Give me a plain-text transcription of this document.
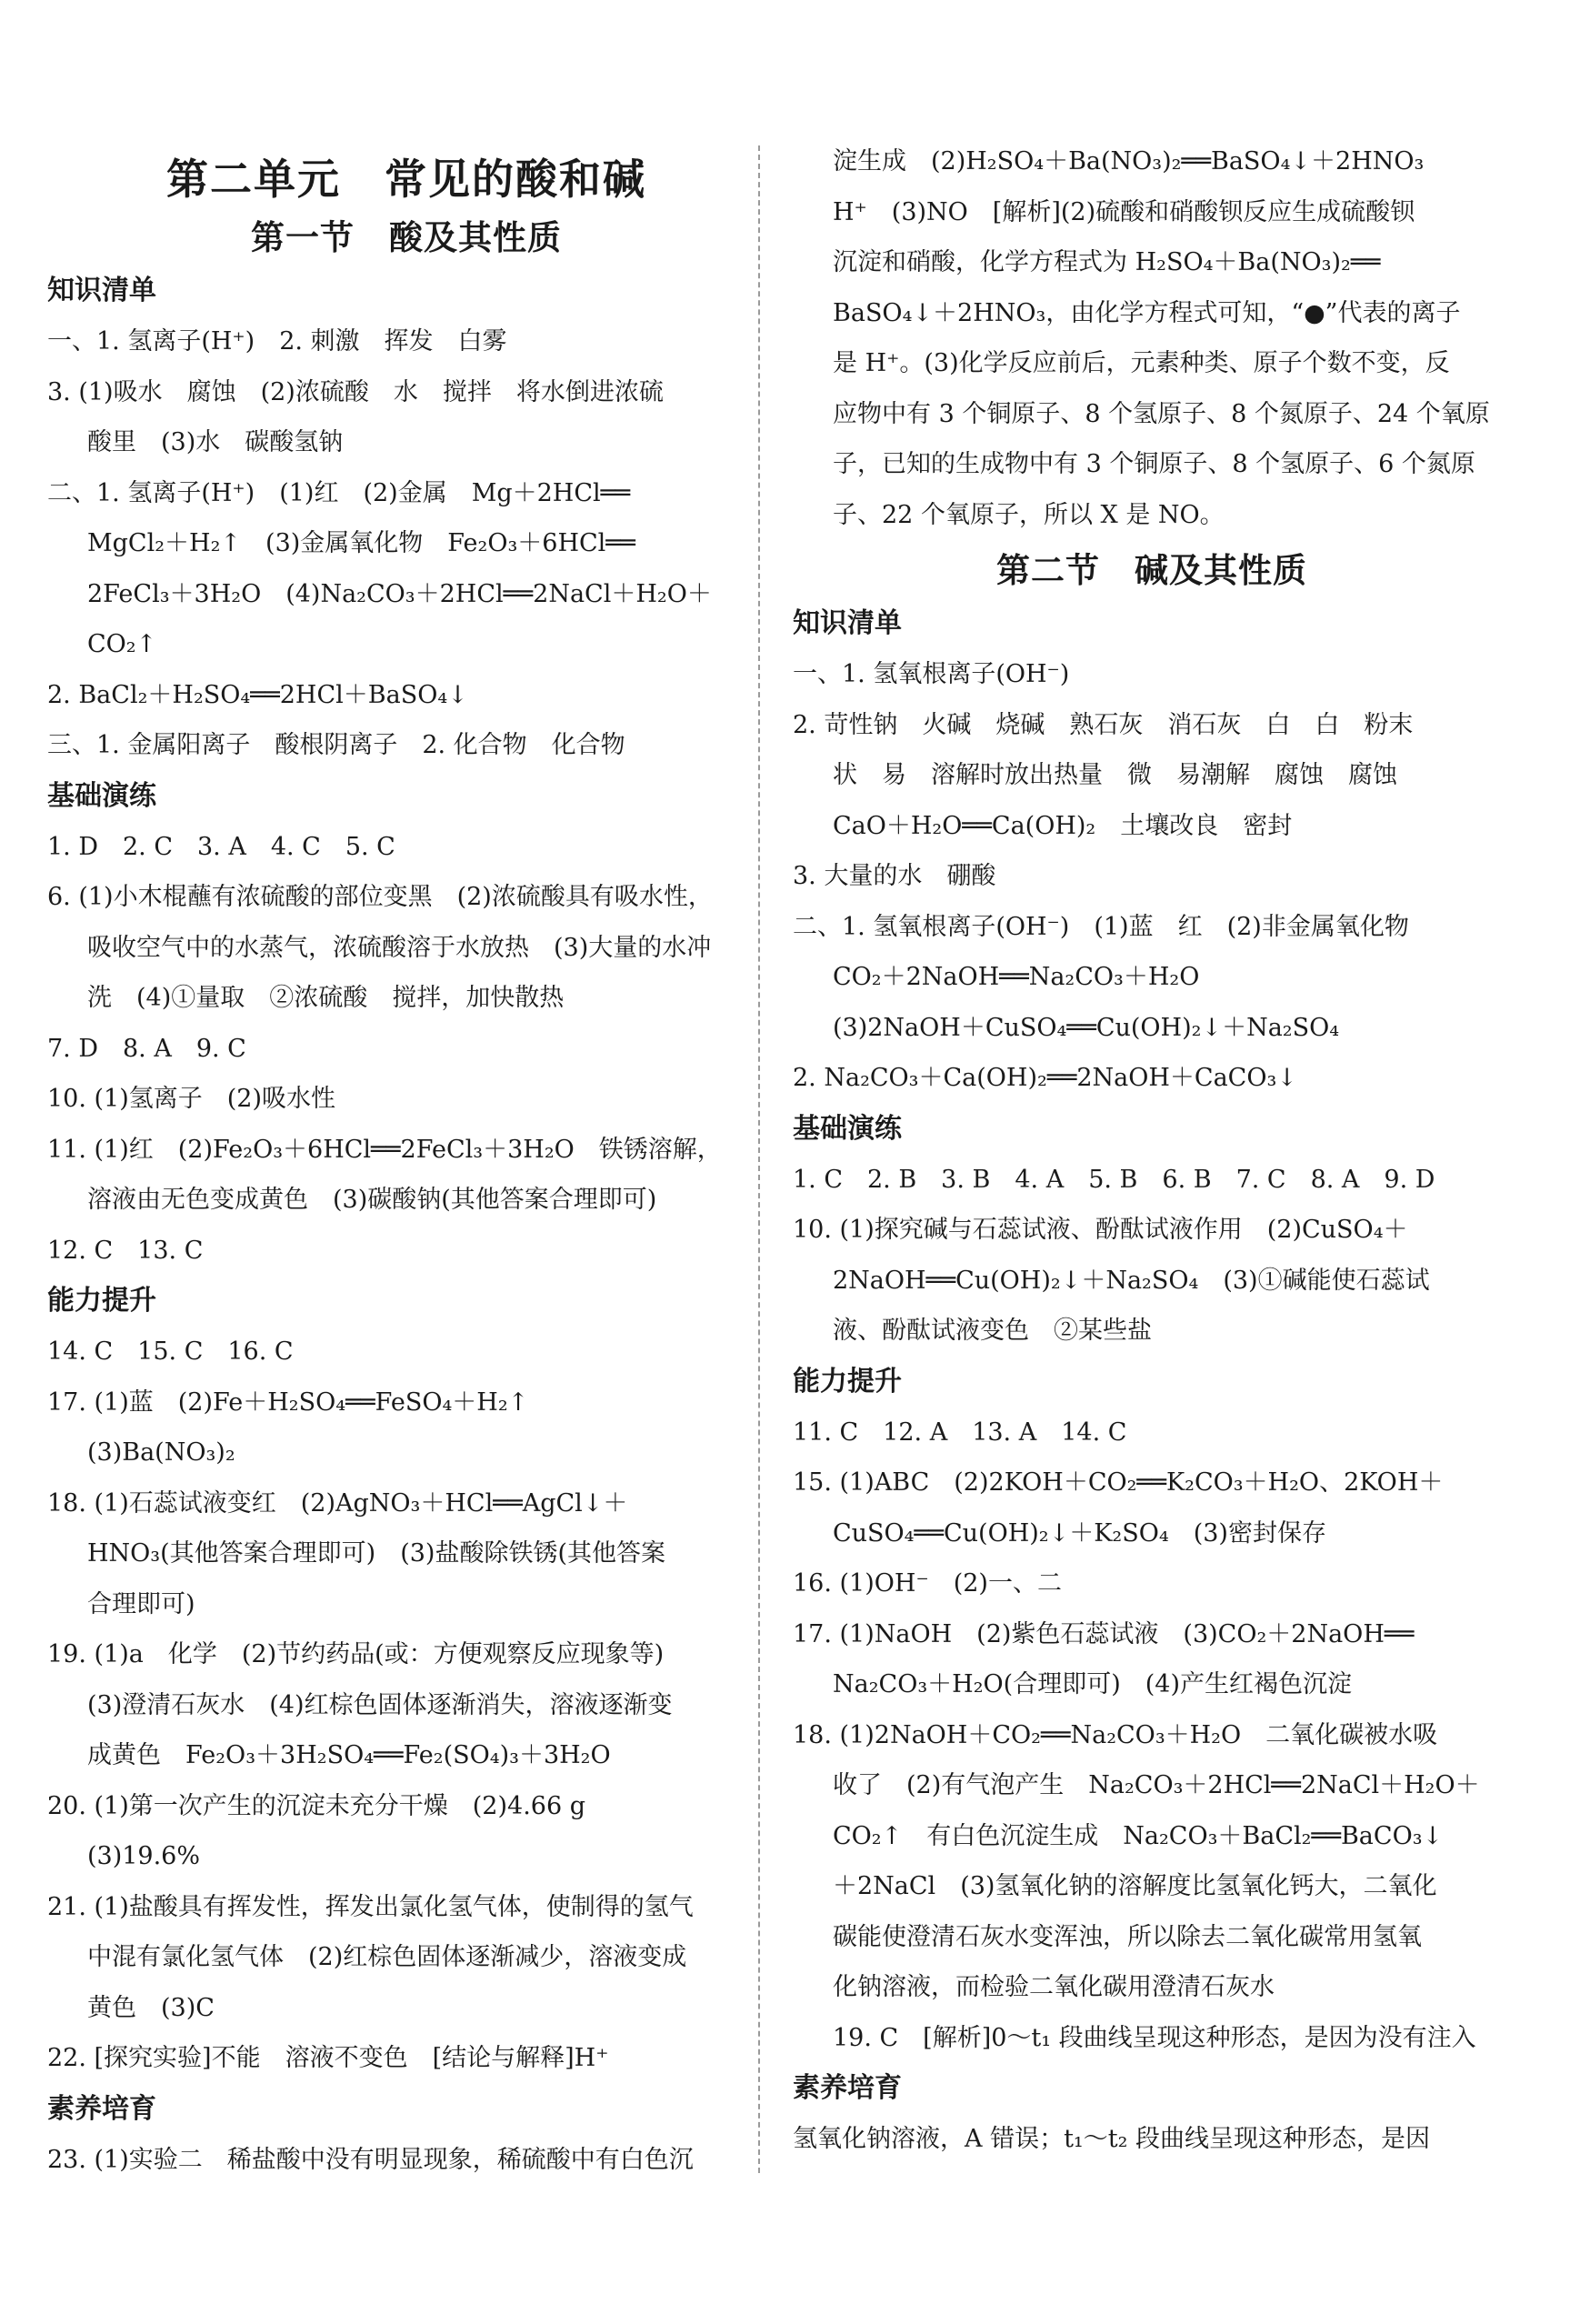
第二单元　常见的酸和碱
第一节　酸及其性质
知识清单
一、1. 氢离子(H⁺)　2. 刺激　挥发　白雾
3. (1)吸水　腐蚀　(2)浓硫酸　水　搅拌　将水倒进浓硫
酸里　(3)水　碳酸氢钠
二、1. 氢离子(H⁺)　(1)红　(2)金属　Mg＋2HCl══
MgCl₂＋H₂↑　(3)金属氧化物　Fe₂O₃＋6HCl══
2FeCl₃＋3H₂O　(4)Na₂CO₃＋2HCl══2NaCl＋H₂O＋
CO₂↑
2. BaCl₂＋H₂SO₄══2HCl＋BaSO₄↓
三、1. 金属阳离子　酸根阴离子　2. 化合物　化合物
基础演练
1. D　2. C　3. A　4. C　5. C
6. (1)小木棍蘸有浓硫酸的部位变黑　(2)浓硫酸具有吸水性，
吸收空气中的水蒸气，浓硫酸溶于水放热　(3)大量的水冲
洗　(4)①量取　②浓硫酸　搅拌，加快散热
7. D　8. A　9. C
10. (1)氢离子　(2)吸水性
11. (1)红　(2)Fe₂O₃＋6HCl══2FeCl₃＋3H₂O　铁锈溶解，
溶液由无色变成黄色　(3)碳酸钠(其他答案合理即可)
12. C　13. C
能力提升
14. C　15. C　16. C
17. (1)蓝　(2)Fe＋H₂SO₄══FeSO₄＋H₂↑
(3)Ba(NO₃)₂
18. (1)石蕊试液变红　(2)AgNO₃＋HCl══AgCl↓＋
HNO₃(其他答案合理即可)　(3)盐酸除铁锈(其他答案
合理即可)
19. (1)a　化学　(2)节约药品(或：方便观察反应现象等)
(3)澄清石灰水　(4)红棕色固体逐渐消失，溶液逐渐变
成黄色　Fe₂O₃＋3H₂SO₄══Fe₂(SO₄)₃＋3H₂O
20. (1)第一次产生的沉淀未充分干燥　(2)4.66 g
(3)19.6%
21. (1)盐酸具有挥发性，挥发出氯化氢气体，使制得的氢气
中混有氯化氢气体　(2)红棕色固体逐渐减少，溶液变成
黄色　(3)C
22. [探究实验]不能　溶液不变色　[结论与解释]H⁺
素养培育
23. (1)实验二　稀盐酸中没有明显现象，稀硫酸中有白色沉
淀生成　(2)H₂SO₄＋Ba(NO₃)₂══BaSO₄↓＋2HNO₃
H⁺　(3)NO　[解析](2)硫酸和硝酸钡反应生成硫酸钡
沉淀和硝酸，化学方程式为 H₂SO₄＋Ba(NO₃)₂══
BaSO₄↓＋2HNO₃，由化学方程式可知，“●”代表的离子
是 H⁺。(3)化学反应前后，元素种类、原子个数不变，反
应物中有 3 个铜原子、8 个氢原子、8 个氮原子、24 个氧原
子，已知的生成物中有 3 个铜原子、8 个氢原子、6 个氮原
子、22 个氧原子，所以 X 是 NO。
第二节　碱及其性质
知识清单
一、1. 氢氧根离子(OH⁻)
2. 苛性钠　火碱　烧碱　熟石灰　消石灰　白　白　粉末
状　易　溶解时放出热量　微　易潮解　腐蚀　腐蚀
CaO＋H₂O══Ca(OH)₂　土壤改良　密封
3. 大量的水　硼酸
二、1. 氢氧根离子(OH⁻)　(1)蓝　红　(2)非金属氧化物
CO₂＋2NaOH══Na₂CO₃＋H₂O
(3)2NaOH＋CuSO₄══Cu(OH)₂↓＋Na₂SO₄
2. Na₂CO₃＋Ca(OH)₂══2NaOH＋CaCO₃↓
基础演练
1. C　2. B　3. B　4. A　5. B　6. B　7. C　8. A　9. D
10. (1)探究碱与石蕊试液、酚酞试液作用　(2)CuSO₄＋
2NaOH══Cu(OH)₂↓＋Na₂SO₄　(3)①碱能使石蕊试
液、酚酞试液变色　②某些盐
能力提升
11. C　12. A　13. A　14. C
15. (1)ABC　(2)2KOH＋CO₂══K₂CO₃＋H₂O、2KOH＋
CuSO₄══Cu(OH)₂↓＋K₂SO₄　(3)密封保存
16. (1)OH⁻　(2)一、二
17. (1)NaOH　(2)紫色石蕊试液　(3)CO₂＋2NaOH══
Na₂CO₃＋H₂O(合理即可)　(4)产生红褐色沉淀
18. (1)2NaOH＋CO₂══Na₂CO₃＋H₂O　二氧化碳被水吸
收了　(2)有气泡产生　Na₂CO₃＋2HCl══2NaCl＋H₂O＋
CO₂↑　有白色沉淀生成　Na₂CO₃＋BaCl₂══BaCO₃↓
＋2NaCl　(3)氢氧化钠的溶解度比氢氧化钙大，二氧化
碳能使澄清石灰水变浑浊，所以除去二氧化碳常用氢氧
化钠溶液，而检验二氧化碳用澄清石灰水
19. C　[解析]0～t₁ 段曲线呈现这种形态，是因为没有注入
素养培育
氢氧化钠溶液，A 错误；t₁～t₂ 段曲线呈现这种形态，是因
